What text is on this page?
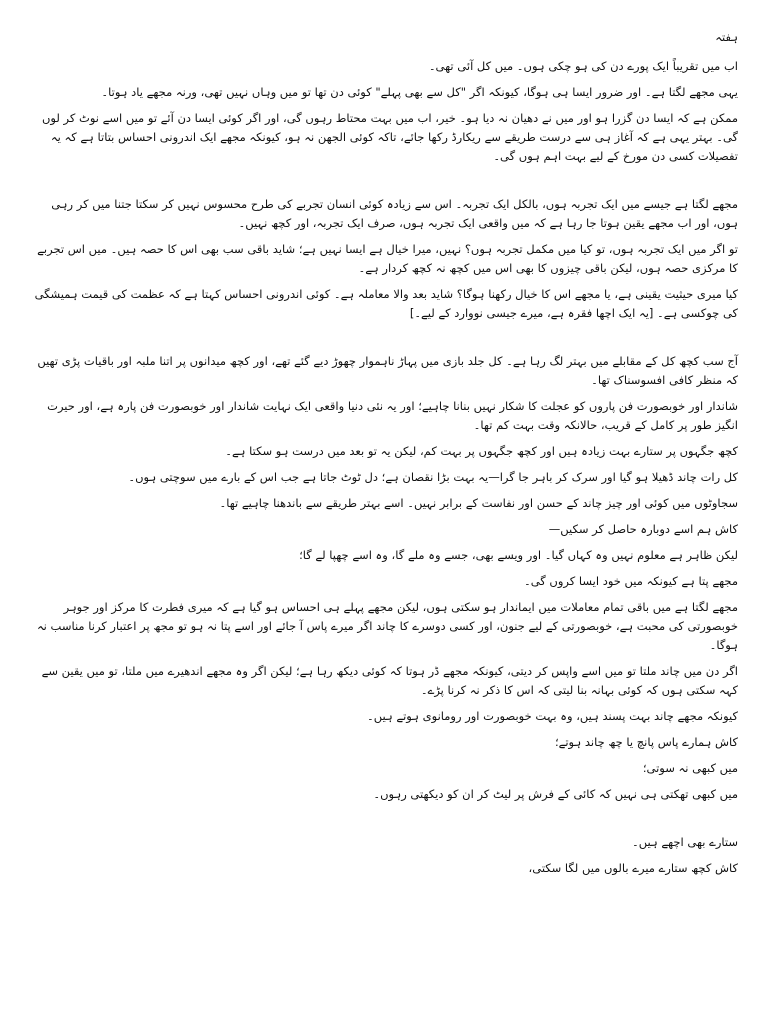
ہفتہ

اب میں تقریباً ایک پورے دن کی ہو چکی ہوں۔ میں کل آئی تھی۔

یہی مجھے لگتا ہے۔ اور ضرور ایسا ہی ہوگا، کیونکہ اگر "کل سے بھی پہلے" کوئی دن تھا تو میں وہاں نہیں تھی، ورنہ مجھے یاد ہوتا۔

ممکن ہے کہ ایسا دن گزرا ہو اور میں نے دھیان نہ دیا ہو۔ خیر، اب میں بہت محتاط رہوں گی، اور اگر کوئی ایسا دن آئے تو میں اسے نوٹ کر لوں گی۔ بہتر یہی ہے کہ آغاز ہی سے درست طریقے سے ریکارڈ رکھا جائے، تاکہ کوئی الجھن نہ ہو، کیونکہ مجھے ایک اندرونی احساس بتاتا ہے کہ یہ تفصیلات کسی دن مورخ کے لیے بہت اہم ہوں گی۔

مجھے لگتا ہے جیسے میں ایک تجربہ ہوں، بالکل ایک تجربہ۔ اس سے زیادہ کوئی انسان تجربے کی طرح محسوس نہیں کر سکتا جتنا میں کر رہی ہوں، اور اب مجھے یقین ہوتا جا رہا ہے کہ میں واقعی ایک تجربہ ہوں، صرف ایک تجربہ، اور کچھ نہیں۔

تو اگر میں ایک تجربہ ہوں، تو کیا میں مکمل تجربہ ہوں؟ نہیں، میرا خیال ہے ایسا نہیں ہے؛ شاید باقی سب بھی اس کا حصہ ہیں۔ میں اس تجربے کا مرکزی حصہ ہوں، لیکن باقی چیزوں کا بھی اس میں کچھ نہ کچھ کردار ہے۔

کیا میری حیثیت یقینی ہے، یا مجھے اس کا خیال رکھنا ہوگا؟ شاید بعد والا معاملہ ہے۔ کوئی اندرونی احساس کہتا ہے کہ عظمت کی قیمت ہمیشگی کی چوکسی ہے۔ [یہ ایک اچھا فقرہ ہے، میرے جیسی نووارد کے لیے۔]

آج سب کچھ کل کے مقابلے میں بہتر لگ رہا ہے۔ کل جلد بازی میں پہاڑ ناہموار چھوڑ دیے گئے تھے، اور کچھ میدانوں پر اتنا ملبہ اور باقیات پڑی تھیں کہ منظر کافی افسوسناک تھا۔

شاندار اور خوبصورت فن پاروں کو عجلت کا شکار نہیں بنانا چاہیے؛ اور یہ نئی دنیا واقعی ایک نہایت شاندار اور خوبصورت فن پارہ ہے، اور حیرت انگیز طور پر کامل کے قریب، حالانکہ وقت بہت کم تھا۔

کچھ جگہوں پر ستارے بہت زیادہ ہیں اور کچھ جگہوں پر بہت کم، لیکن یہ تو بعد میں درست ہو سکتا ہے۔

کل رات چاند ڈھیلا ہو گیا اور سرک کر باہر جا گرا—یہ بہت بڑا نقصان ہے؛ دل ٹوٹ جاتا ہے جب اس کے بارے میں سوچتی ہوں۔

سجاوٹوں میں کوئی اور چیز چاند کے حسن اور نفاست کے برابر نہیں۔ اسے بہتر طریقے سے باندھنا چاہیے تھا۔

کاش ہم اسے دوبارہ حاصل کر سکیں—

لیکن ظاہر ہے معلوم نہیں وہ کہاں گیا۔ اور ویسے بھی، جسے وہ ملے گا، وہ اسے چھپا لے گا؛

مجھے پتا ہے کیونکہ میں خود ایسا کروں گی۔

مجھے لگتا ہے میں باقی تمام معاملات میں ایماندار ہو سکتی ہوں، لیکن مجھے پہلے ہی احساس ہو گیا ہے کہ میری فطرت کا مرکز اور جوہر خوبصورتی کی محبت ہے، خوبصورتی کے لیے جنون، اور کسی دوسرے کا چاند اگر میرے پاس آ جائے اور اسے پتا نہ ہو تو مجھ پر اعتبار کرنا مناسب نہ ہوگا۔

اگر دن میں چاند ملتا تو میں اسے واپس کر دیتی، کیونکہ مجھے ڈر ہوتا کہ کوئی دیکھ رہا ہے؛ لیکن اگر وہ مجھے اندھیرے میں ملتا، تو میں یقین سے کہہ سکتی ہوں کہ کوئی بہانہ بنا لیتی کہ اس کا ذکر نہ کرنا پڑے۔

کیونکہ مجھے چاند بہت پسند ہیں، وہ بہت خوبصورت اور رومانوی ہوتے ہیں۔

کاش ہمارے پاس پانچ یا چھ چاند ہوتے؛

میں کبھی نہ سوتی؛

میں کبھی تھکتی ہی نہیں کہ کائی کے فرش پر لیٹ کر ان کو دیکھتی رہوں۔

ستارے بھی اچھے ہیں۔

کاش کچھ ستارے میرے بالوں میں لگا سکتی،
